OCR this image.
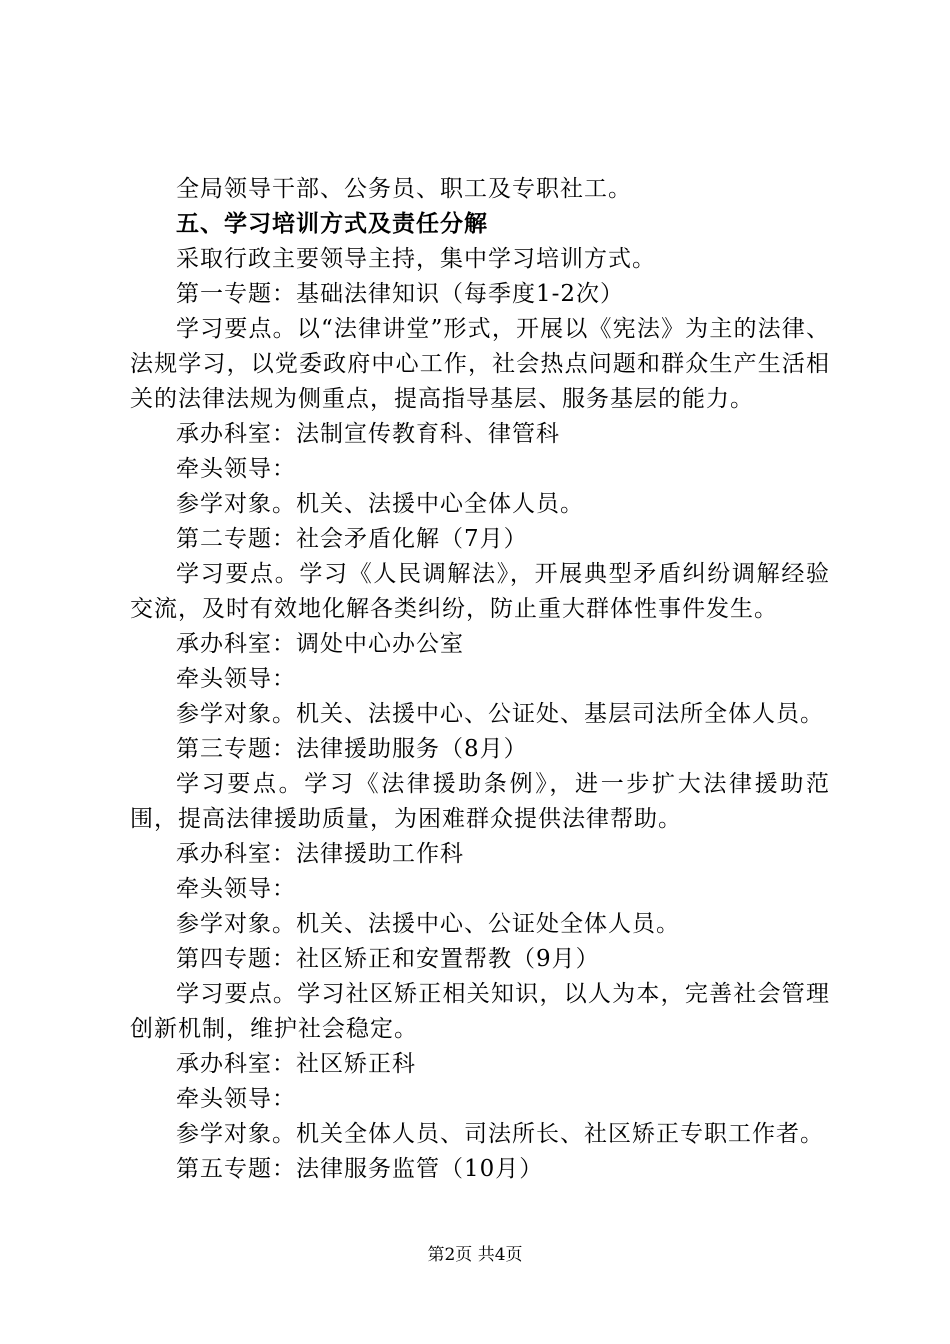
全局领导干部、公务员、职工及专职社工。

五、学习培训方式及责任分解

采取行政主要领导主持，集中学习培训方式。

第一专题：基础法律知识（每季度1-2次）

学习要点。以“法律讲堂”形式，开展以《宪法》为主的法律、法规学习，以党委政府中心工作，社会热点问题和群众生产生活相关的法律法规为侧重点，提高指导基层、服务基层的能力。

承办科室：法制宣传教育科、律管科

牵头领导：

参学对象。机关、法援中心全体人员。

第二专题：社会矛盾化解（7月）

学习要点。学习《人民调解法》，开展典型矛盾纠纷调解经验交流，及时有效地化解各类纠纷，防止重大群体性事件发生。

承办科室：调处中心办公室

牵头领导：

参学对象。机关、法援中心、公证处、基层司法所全体人员。

第三专题：法律援助服务（8月）

学习要点。学习《法律援助条例》，进一步扩大法律援助范围，提高法律援助质量，为困难群众提供法律帮助。

承办科室：法律援助工作科

牵头领导：

参学对象。机关、法援中心、公证处全体人员。

第四专题：社区矫正和安置帮教（9月）

学习要点。学习社区矫正相关知识，以人为本，完善社会管理创新机制，维护社会稳定。

承办科室：社区矫正科

牵头领导：

参学对象。机关全体人员、司法所长、社区矫正专职工作者。

第五专题：法律服务监管（10月）

第2页 共4页
